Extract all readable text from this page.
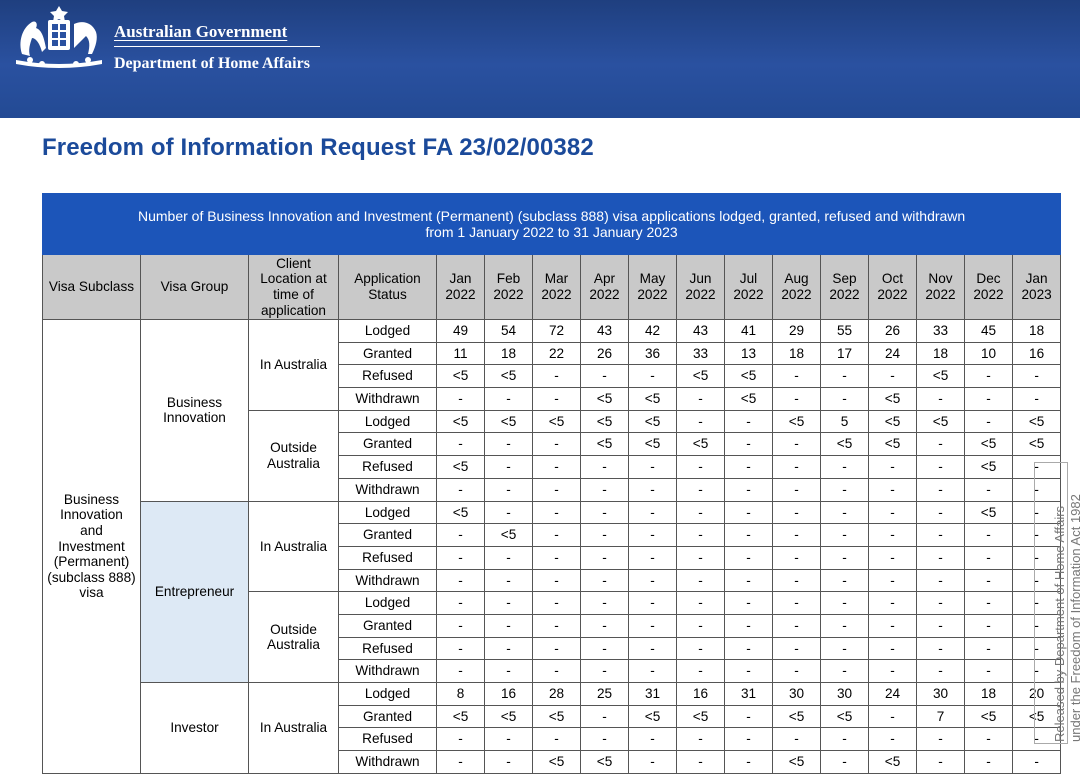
Australian Government
Department of Home Affairs
Freedom of Information Request FA 23/02/00382
Number of Business Innovation and Investment (Permanent) (subclass 888) visa applications lodged, granted, refused and withdrawn
from 1 January 2022 to 31 January 2023																
Visa Subclass	Visa Group	Client Location at time of application	Application Status	Jan 2022	Feb 2022	Mar 2022	Apr 2022	May 2022	Jun 2022	Jul 2022	Aug 2022	Sep 2022	Oct 2022	Nov 2022	Dec 2022	Jan 2023
Business Innovation and Investment (Permanent) (subclass 888) visa	Business Innovation	In Australia	Lodged	49	54	72	43	42	43	41	29	55	26	33	45	18
			Granted	11	18	22	26	36	33	13	18	17	24	18	10	16
			Refused	<5	<5	-	-	-	<5	<5	-	-	-	<5	-	-
			Withdrawn	-	-	-	<5	<5	-	<5	-	-	<5	-	-	-
		Outside Australia	Lodged	<5	<5	<5	<5	<5	-	-	<5	5	<5	<5	-	<5
			Granted	-	-	-	<5	<5	<5	-	-	<5	<5	-	<5	<5
			Refused	<5	-	-	-	-	-	-	-	-	-	-	<5	-
			Withdrawn	-	-	-	-	-	-	-	-	-	-	-	-	-
	Entrepreneur	In Australia	Lodged	<5	-	-	-	-	-	-	-	-	-	-	<5	-
			Granted	-	<5	-	-	-	-	-	-	-	-	-	-	-
			Refused	-	-	-	-	-	-	-	-	-	-	-	-	-
			Withdrawn	-	-	-	-	-	-	-	-	-	-	-	-	-
		Outside Australia	Lodged	-	-	-	-	-	-	-	-	-	-	-	-	-
			Granted	-	-	-	-	-	-	-	-	-	-	-	-	-
			Refused	-	-	-	-	-	-	-	-	-	-	-	-	-
			Withdrawn	-	-	-	-	-	-	-	-	-	-	-	-	-
	Investor	In Australia	Lodged	8	16	28	25	31	16	31	30	30	24	30	18	20
			Granted	<5	<5	<5	-	<5	<5	-	<5	<5	-	7	<5	<5
			Refused	-	-	-	-	-	-	-	-	-	-	-	-	-
			Withdrawn	-	-	<5	<5	-	-	-	<5	-	<5	-	-	-
Released by Department of Home Affairs under the Freedom of Information Act 1982
